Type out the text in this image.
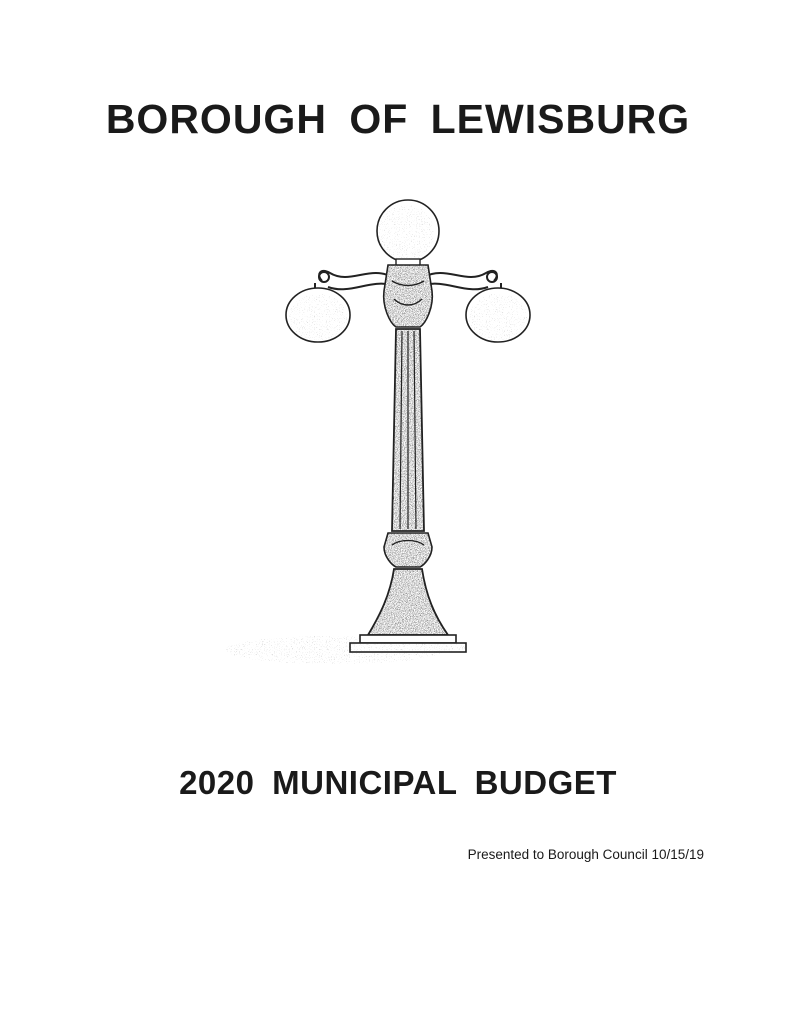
BOROUGH OF LEWISBURG
2020 MUNICIPAL BUDGET

Presented to Borough Council 10/15/19
